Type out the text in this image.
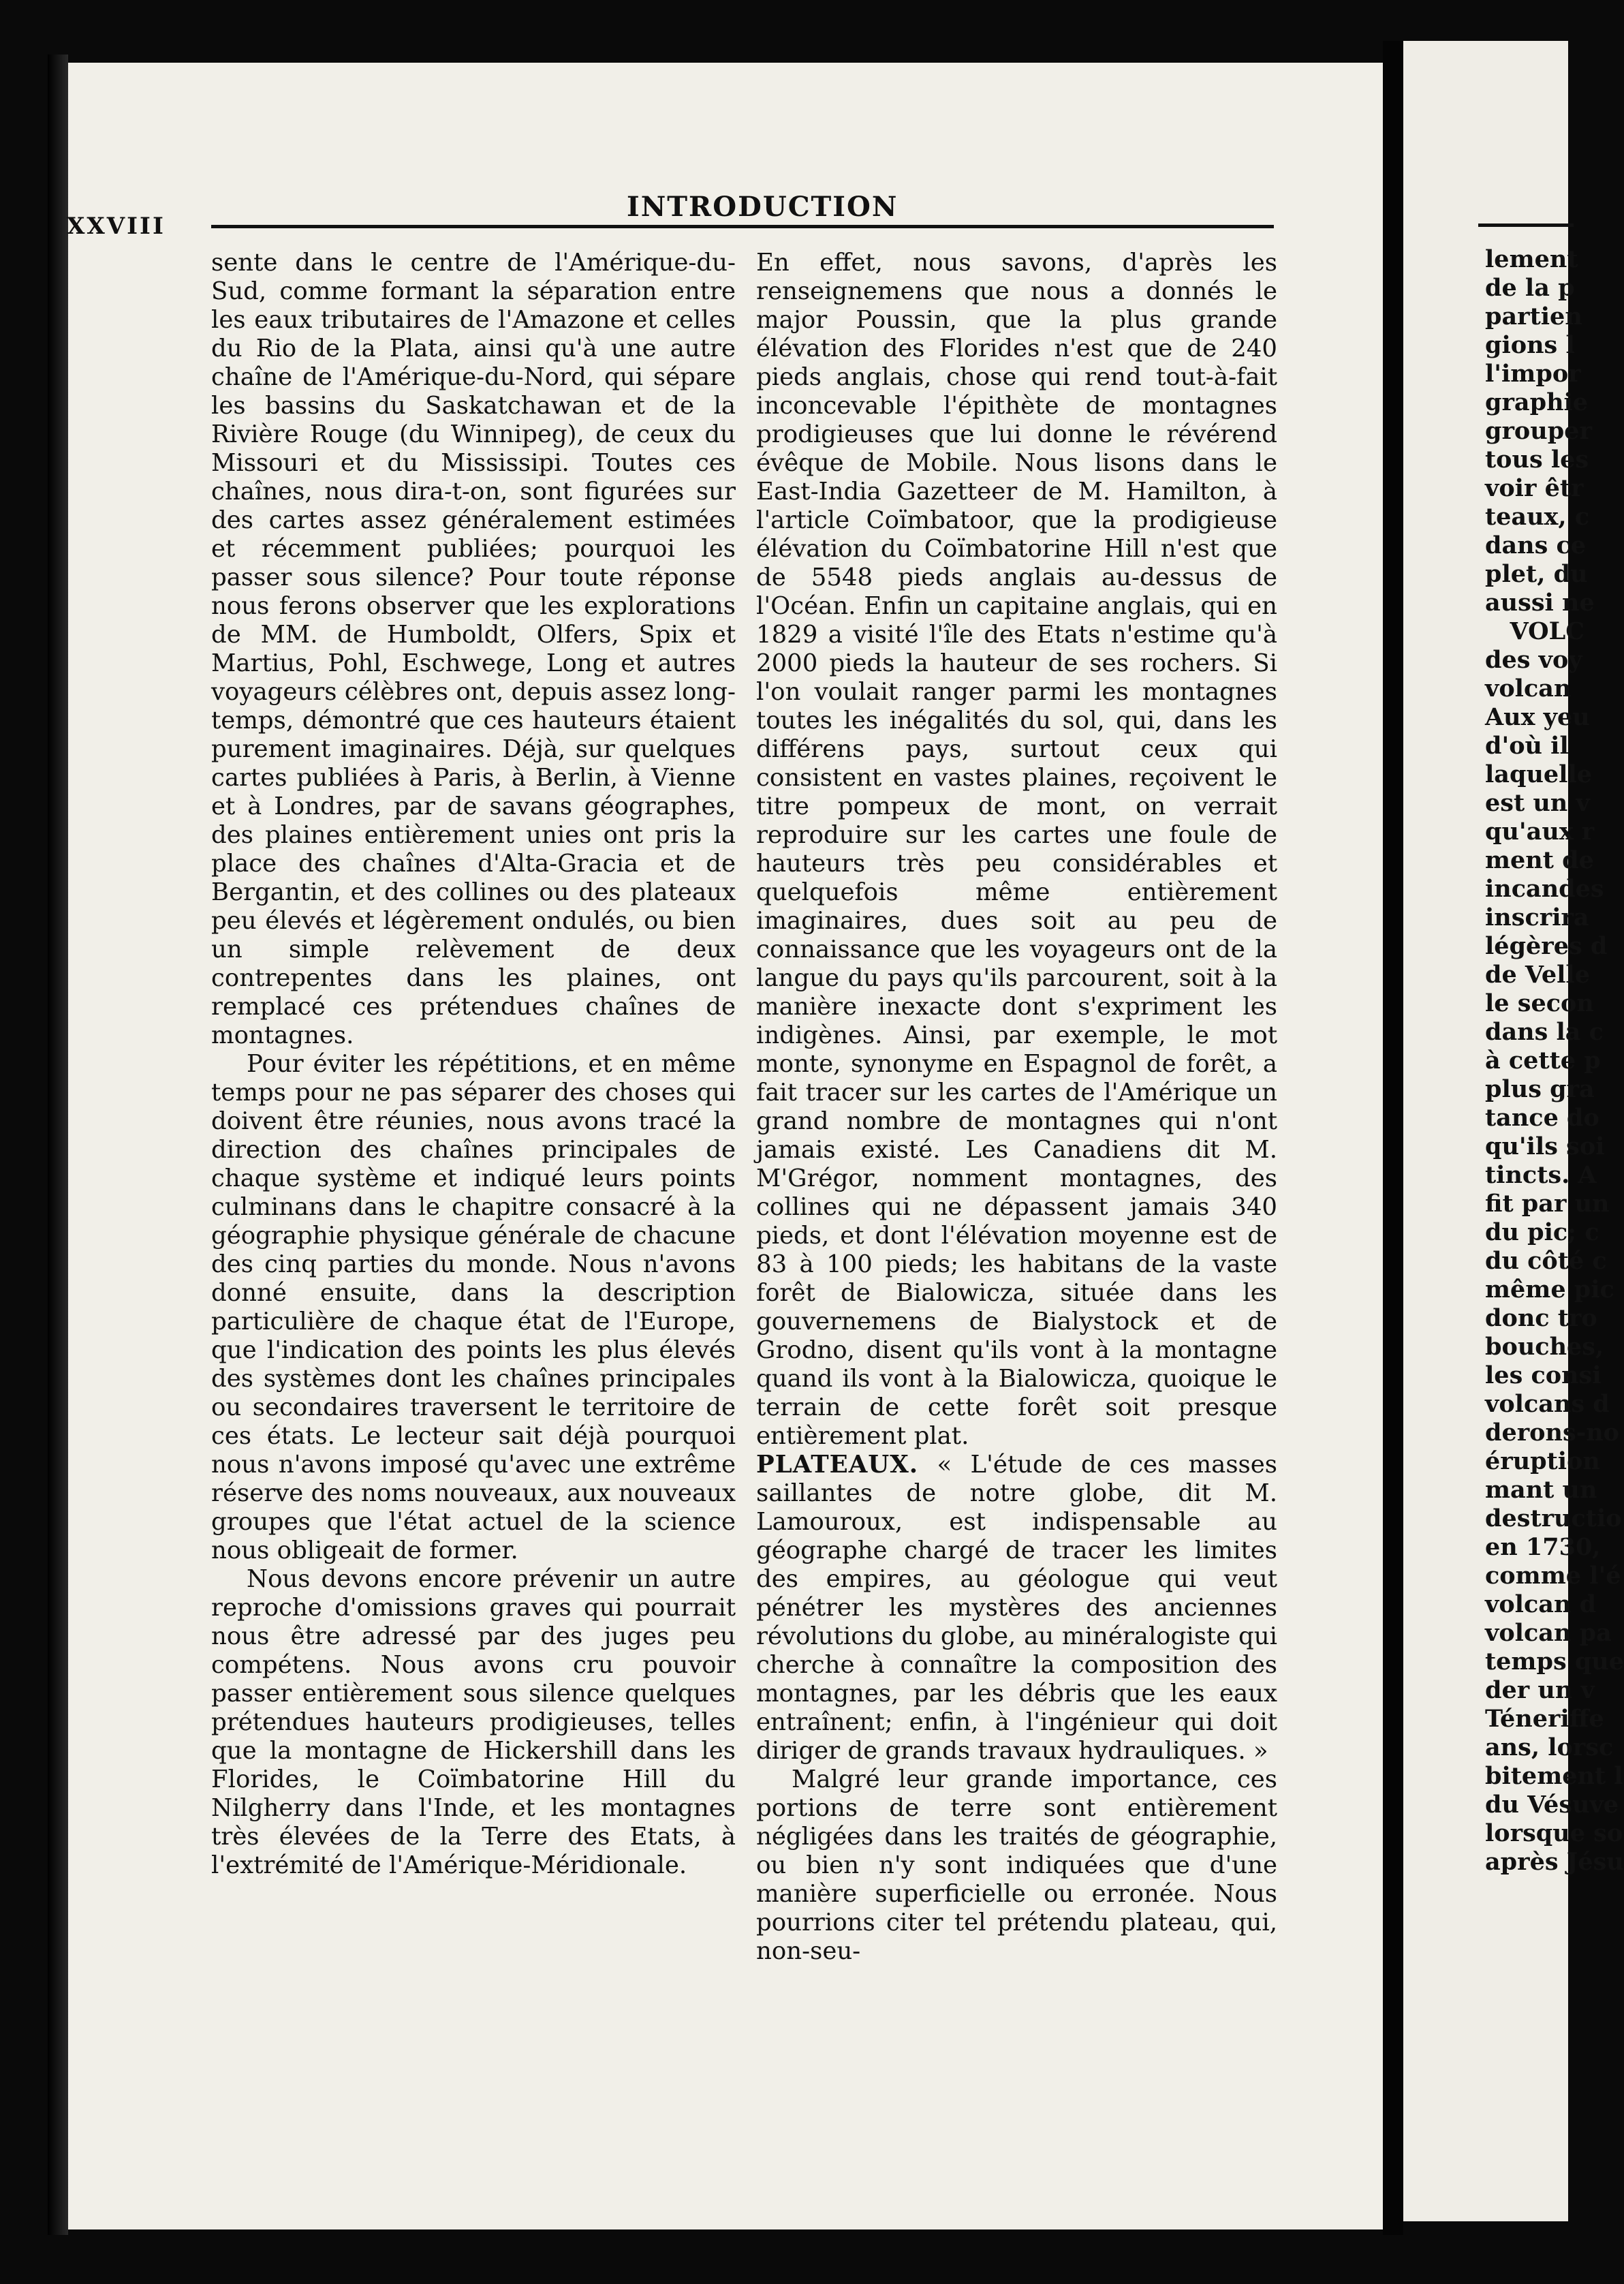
XXVIII
INTRODUCTION

sente dans le centre de l'Amérique-du-Sud, comme formant la séparation entre les eaux tributaires de l'Amazone et celles du Rio de la Plata, ainsi qu'à une autre chaîne de l'Amérique-du-Nord, qui sépare les bassins du Saskatchawan et de la Rivière Rouge (du Winnipeg), de ceux du Missouri et du Mississipi. Toutes ces chaînes, nous dira-t-on, sont figurées sur des cartes assez généralement estimées et récemment publiées; pourquoi les passer sous silence? Pour toute réponse nous ferons observer que les explorations de MM. de Humboldt, Olfers, Spix et Martius, Pohl, Eschwege, Long et autres voyageurs célèbres ont, depuis assez long-temps, démontré que ces hauteurs étaient purement imaginaires. Déjà, sur quelques cartes publiées à Paris, à Berlin, à Vienne et à Londres, par de savans géographes, des plaines entièrement unies ont pris la place des chaînes d'Alta-Gracia et de Bergantin, et des collines ou des plateaux peu élevés et légèrement ondulés, ou bien un simple relèvement de deux contrepentes dans les plaines, ont remplacé ces prétendues chaînes de montagnes.

Pour éviter les répétitions, et en même temps pour ne pas séparer des choses qui doivent être réunies, nous avons tracé la direction des chaînes principales de chaque système et indiqué leurs points culminans dans le chapitre consacré à la géographie physique générale de chacune des cinq parties du monde. Nous n'avons donné ensuite, dans la description particulière de chaque état de l'Europe, que l'indication des points les plus élevés des systèmes dont les chaînes principales ou secondaires traversent le territoire de ces états. Le lecteur sait déjà pourquoi nous n'avons imposé qu'avec une extrême réserve des noms nouveaux, aux nouveaux groupes que l'état actuel de la science nous obligeait de former.

Nous devons encore prévenir un autre reproche d'omissions graves qui pourrait nous être adressé par des juges peu compétens. Nous avons cru pouvoir passer entièrement sous silence quelques prétendues hauteurs prodigieuses, telles que la montagne de Hickershill dans les Florides, le Coïmbatorine Hill du Nilgherry dans l'Inde, et les montagnes très élevées de la Terre des Etats, à l'extrémité de l'Amérique-Méridionale.

En effet, nous savons, d'après les renseignemens que nous a donnés le major Poussin, que la plus grande élévation des Florides n'est que de 240 pieds anglais, chose qui rend tout-à-fait inconcevable l'épithète de montagnes prodigieuses que lui donne le révérend évêque de Mobile. Nous lisons dans le East-India Gazetteer de M. Hamilton, à l'article Coïmbatoor, que la prodigieuse élévation du Coïmbatorine Hill n'est que de 5548 pieds anglais au-dessus de l'Océan. Enfin un capitaine anglais, qui en 1829 a visité l'île des Etats n'estime qu'à 2000 pieds la hauteur de ses rochers. Si l'on voulait ranger parmi les montagnes toutes les inégalités du sol, qui, dans les différens pays, surtout ceux qui consistent en vastes plaines, reçoivent le titre pompeux de mont, on verrait reproduire sur les cartes une foule de hauteurs très peu considérables et quelquefois même entièrement imaginaires, dues soit au peu de connaissance que les voyageurs ont de la langue du pays qu'ils parcourent, soit à la manière inexacte dont s'expriment les indigènes. Ainsi, par exemple, le mot monte, synonyme en Espagnol de forêt, a fait tracer sur les cartes de l'Amérique un grand nombre de montagnes qui n'ont jamais existé. Les Canadiens dit M. M'Grégor, nomment montagnes, des collines qui ne dépassent jamais 340 pieds, et dont l'élévation moyenne est de 83 à 100 pieds; les habitans de la vaste forêt de Bialowicza, située dans les gouvernemens de Bialystock et de Grodno, disent qu'ils vont à la montagne quand ils vont à la Bialowicza, quoique le terrain de cette forêt soit presque entièrement plat.

PLATEAUX. « L'étude de ces masses saillantes de notre globe, dit M. Lamouroux, est indispensable au géographe chargé de tracer les limites des empires, au géologue qui veut pénétrer les mystères des anciennes révolutions du globe, au minéralogiste qui cherche à connaître la composition des montagnes, par les débris que les eaux entraînent; enfin, à l'ingénieur qui doit diriger de grands travaux hydrauliques. »

Malgré leur grande importance, ces portions de terre sont entièrement négligées dans les traités de géographie, ou bien n'y sont indiquées que d'une manière superficielle ou erronée. Nous pourrions citer tel prétendu plateau, qui, non-seu-

lement
de la p
partien
gions l
l'impor
graphie
grouper
tous les
voir êtr
teaux, c
dans ce
plet, du
aussi ne
VOLC
des voy
volcan
Aux yeu
d'où il
laquelle
est un v
qu'aux r
ment de
incandes
inscrira
légères d
de Velle
le secon
dans la c
à cette p
plus gra
tance do
qu'ils soi
tincts. A
fit par un
du pic; c
du côté c
même pic
donc tro
bouches,
les consi
volcans d
derons-no
éruption
mant un
destructio
en 1730,
comme l'é
volcan d
volcan pa
temps que
der un v
Téneriffe
ans, lorsc
bitement l
du Vésuve
lorsque so
après Jésu
